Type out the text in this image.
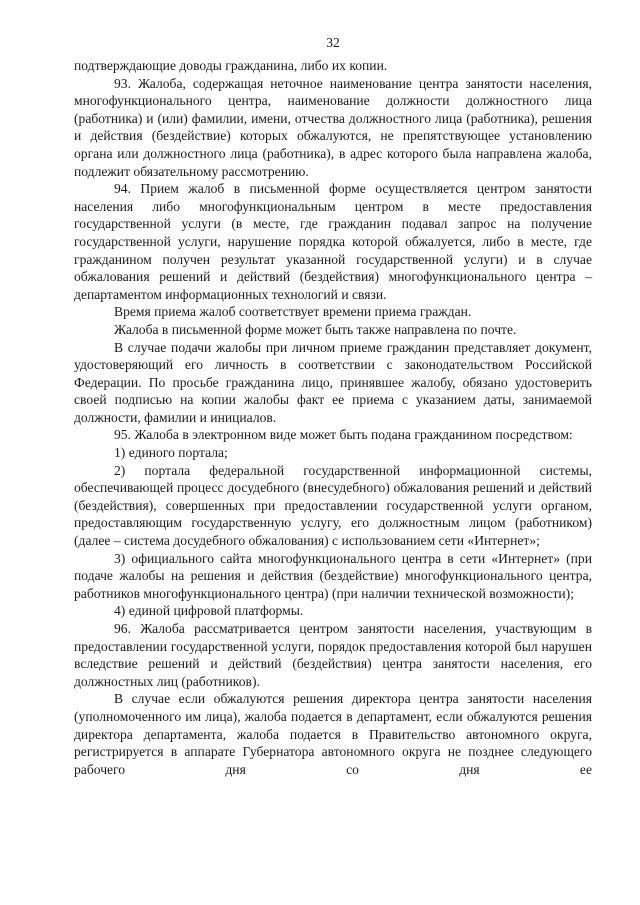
32

подтверждающие доводы гражданина, либо их копии.

93. Жалоба, содержащая неточное наименование центра занятости населения, многофункционального центра, наименование должности должностного лица (работника) и (или) фамилии, имени, отчества должностного лица (работника), решения и действия (бездействие) которых обжалуются, не препятствующее установлению органа или должностного лица (работника), в адрес которого была направлена жалоба, подлежит обязательному рассмотрению.

94. Прием жалоб в письменной форме осуществляется центром занятости населения либо многофункциональным центром в месте предоставления государственной услуги (в месте, где гражданин подавал запрос на получение государственной услуги, нарушение порядка которой обжалуется, либо в месте, где гражданином получен результат указанной государственной услуги) и в случае обжалования решений и действий (бездействия) многофункционального центра – департаментом информационных технологий и связи.

Время приема жалоб соответствует времени приема граждан.

Жалоба в письменной форме может быть также направлена по почте.

В случае подачи жалобы при личном приеме гражданин представляет документ, удостоверяющий его личность в соответствии с законодательством Российской Федерации. По просьбе гражданина лицо, принявшее жалобу, обязано удостоверить своей подписью на копии жалобы факт ее приема с указанием даты, занимаемой должности, фамилии и инициалов.

95. Жалоба в электронном виде может быть подана гражданином посредством:

1) единого портала;

2) портала федеральной государственной информационной системы, обеспечивающей процесс досудебного (внесудебного) обжалования решений и действий (бездействия), совершенных при предоставлении государственной услуги органом, предоставляющим государственную услугу, его должностным лицом (работником) (далее – система досудебного обжалования) с использованием сети «Интернет»;

3) официального сайта многофункционального центра в сети «Интернет» (при подаче жалобы на решения и действия (бездействие) многофункционального центра, работников многофункционального центра) (при наличии технической возможности);

4) единой цифровой платформы.

96. Жалоба рассматривается центром занятости населения, участвующим в предоставлении государственной услуги, порядок предоставления которой был нарушен вследствие решений и действий (бездействия) центра занятости населения, его должностных лиц (работников).

В случае если обжалуются решения директора центра занятости населения (уполномоченного им лица), жалоба подается в департамент, если обжалуются решения директора департамента, жалоба подается в Правительство автономного округа, регистрируется в аппарате Губернатора автономного округа не позднее следующего рабочего дня со дня ее
